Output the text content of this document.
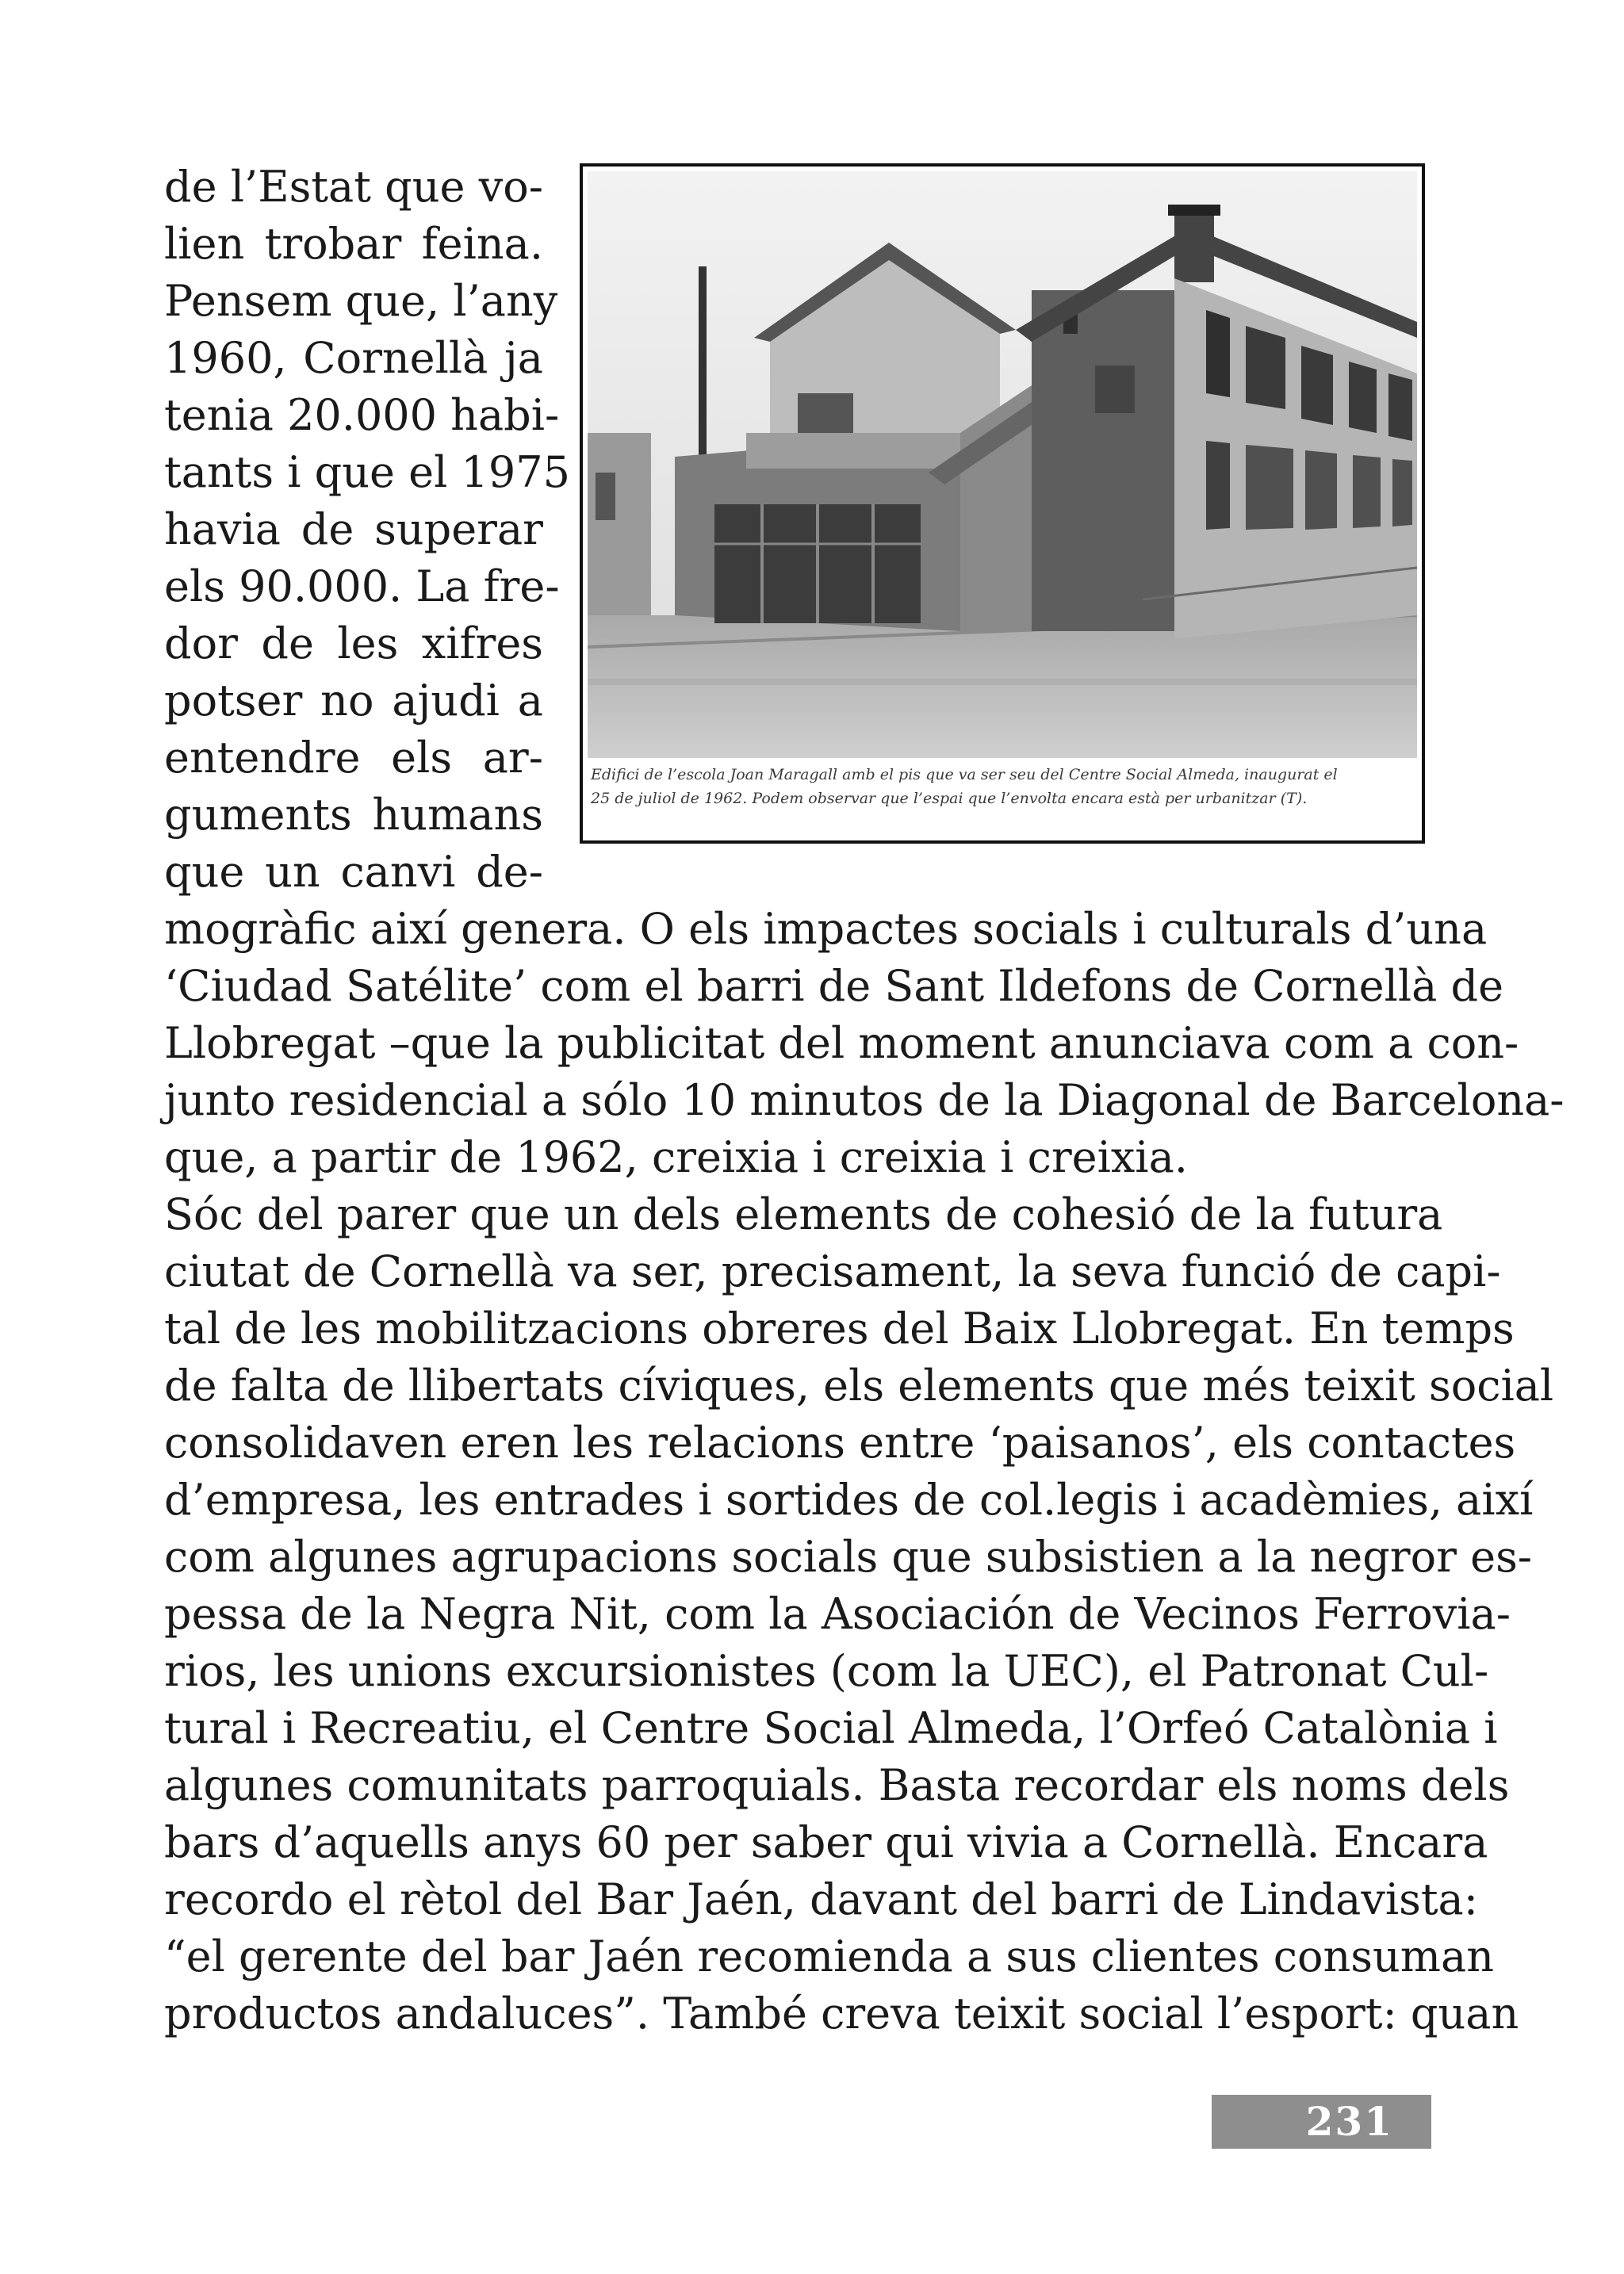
de l’Estat que vo-
lien trobar feina.
Pensem que, l’any
1960, Cornellà ja
tenia 20.000 habi-
tants i que el 1975
havia de superar
els 90.000. La fre-
dor de les xifres
potser no ajudi a
entendre els ar-
guments humans
que un canvi de-
Edifici de l’escola Joan Maragall amb el pis que va ser seu del Centre Social Almeda, inaugurat el
25 de juliol de 1962. Podem observar que l’espai que l’envolta encara està per urbanitzar (T).
mogràfic així genera. O els impactes socials i culturals d’una
‘Ciudad Satélite’ com el barri de Sant Ildefons de Cornellà de
Llobregat –que la publicitat del moment anunciava com a con-
junto residencial a sólo 10 minutos de la Diagonal de Barcelona-
que, a partir de 1962, creixia i creixia i creixia.
Sóc del parer que un dels elements de cohesió de la futura
ciutat de Cornellà va ser, precisament, la seva funció de capi-
tal de les mobilitzacions obreres del Baix Llobregat. En temps
de falta de llibertats cíviques, els elements que més teixit social
consolidaven eren les relacions entre ‘paisanos’, els contactes
d’empresa, les entrades i sortides de col.legis i acadèmies, així
com algunes agrupacions socials que subsistien a la negror es-
pessa de la Negra Nit, com la Asociación de Vecinos Ferrovia-
rios, les unions excursionistes (com la UEC), el Patronat Cul-
tural i Recreatiu, el Centre Social Almeda, l’Orfeó Catalònia i
algunes comunitats parroquials. Basta recordar els noms dels
bars d’aquells anys 60 per saber qui vivia a Cornellà. Encara
recordo el rètol del Bar Jaén, davant del barri de Lindavista:
“el gerente del bar Jaén recomienda a sus clientes consuman
productos andaluces”. També creva teixit social l’esport: quan
231
